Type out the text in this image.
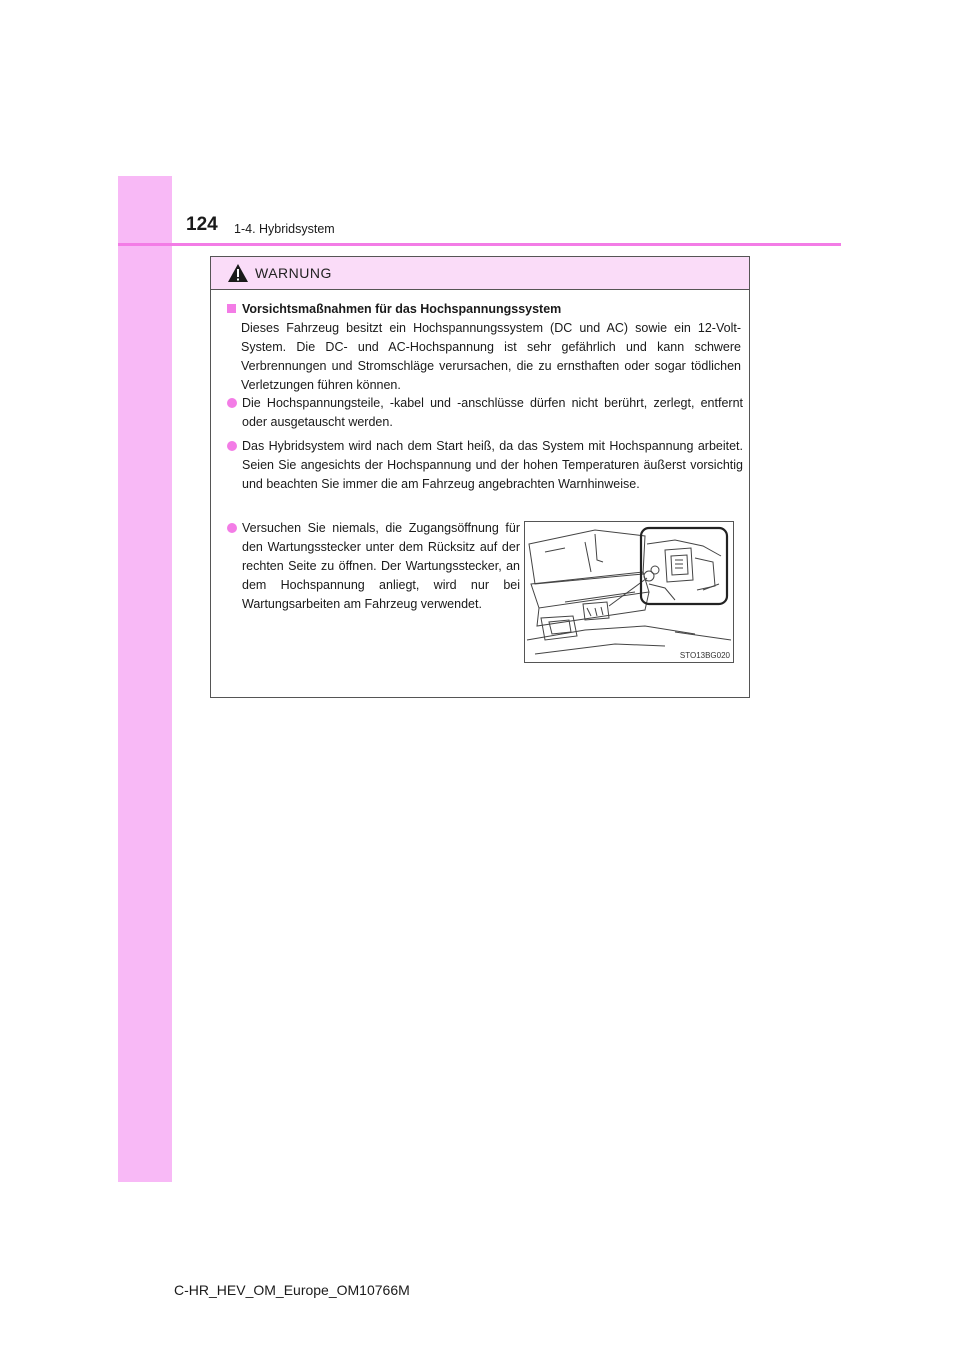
124 1-4. Hybridsystem
WARNUNG
Vorsichtsmaßnahmen für das Hochspannungssystem
Dieses Fahrzeug besitzt ein Hochspannungssystem (DC und AC) sowie ein 12-Volt-System. Die DC- und AC-Hochspannung ist sehr gefährlich und kann schwere Verbrennungen und Stromschläge verursachen, die zu ernsthaften oder sogar tödlichen Verletzungen führen können.
Die Hochspannungsteile, -kabel und -anschlüsse dürfen nicht berührt, zerlegt, entfernt oder ausgetauscht werden.
Das Hybridsystem wird nach dem Start heiß, da das System mit Hochspannung arbeitet. Seien Sie angesichts der Hochspannung und der hohen Temperaturen äußerst vorsichtig und beachten Sie immer die am Fahrzeug angebrachten Warnhinweise.
Versuchen Sie niemals, die Zugangsöffnung für den Wartungsstecker unter dem Rücksitz auf der rechten Seite zu öffnen. Der Wartungsstecker, an dem Hochspannung anliegt, wird nur bei Wartungsarbeiten am Fahrzeug verwendet.
STO13BG020
C-HR_HEV_OM_Europe_OM10766M
